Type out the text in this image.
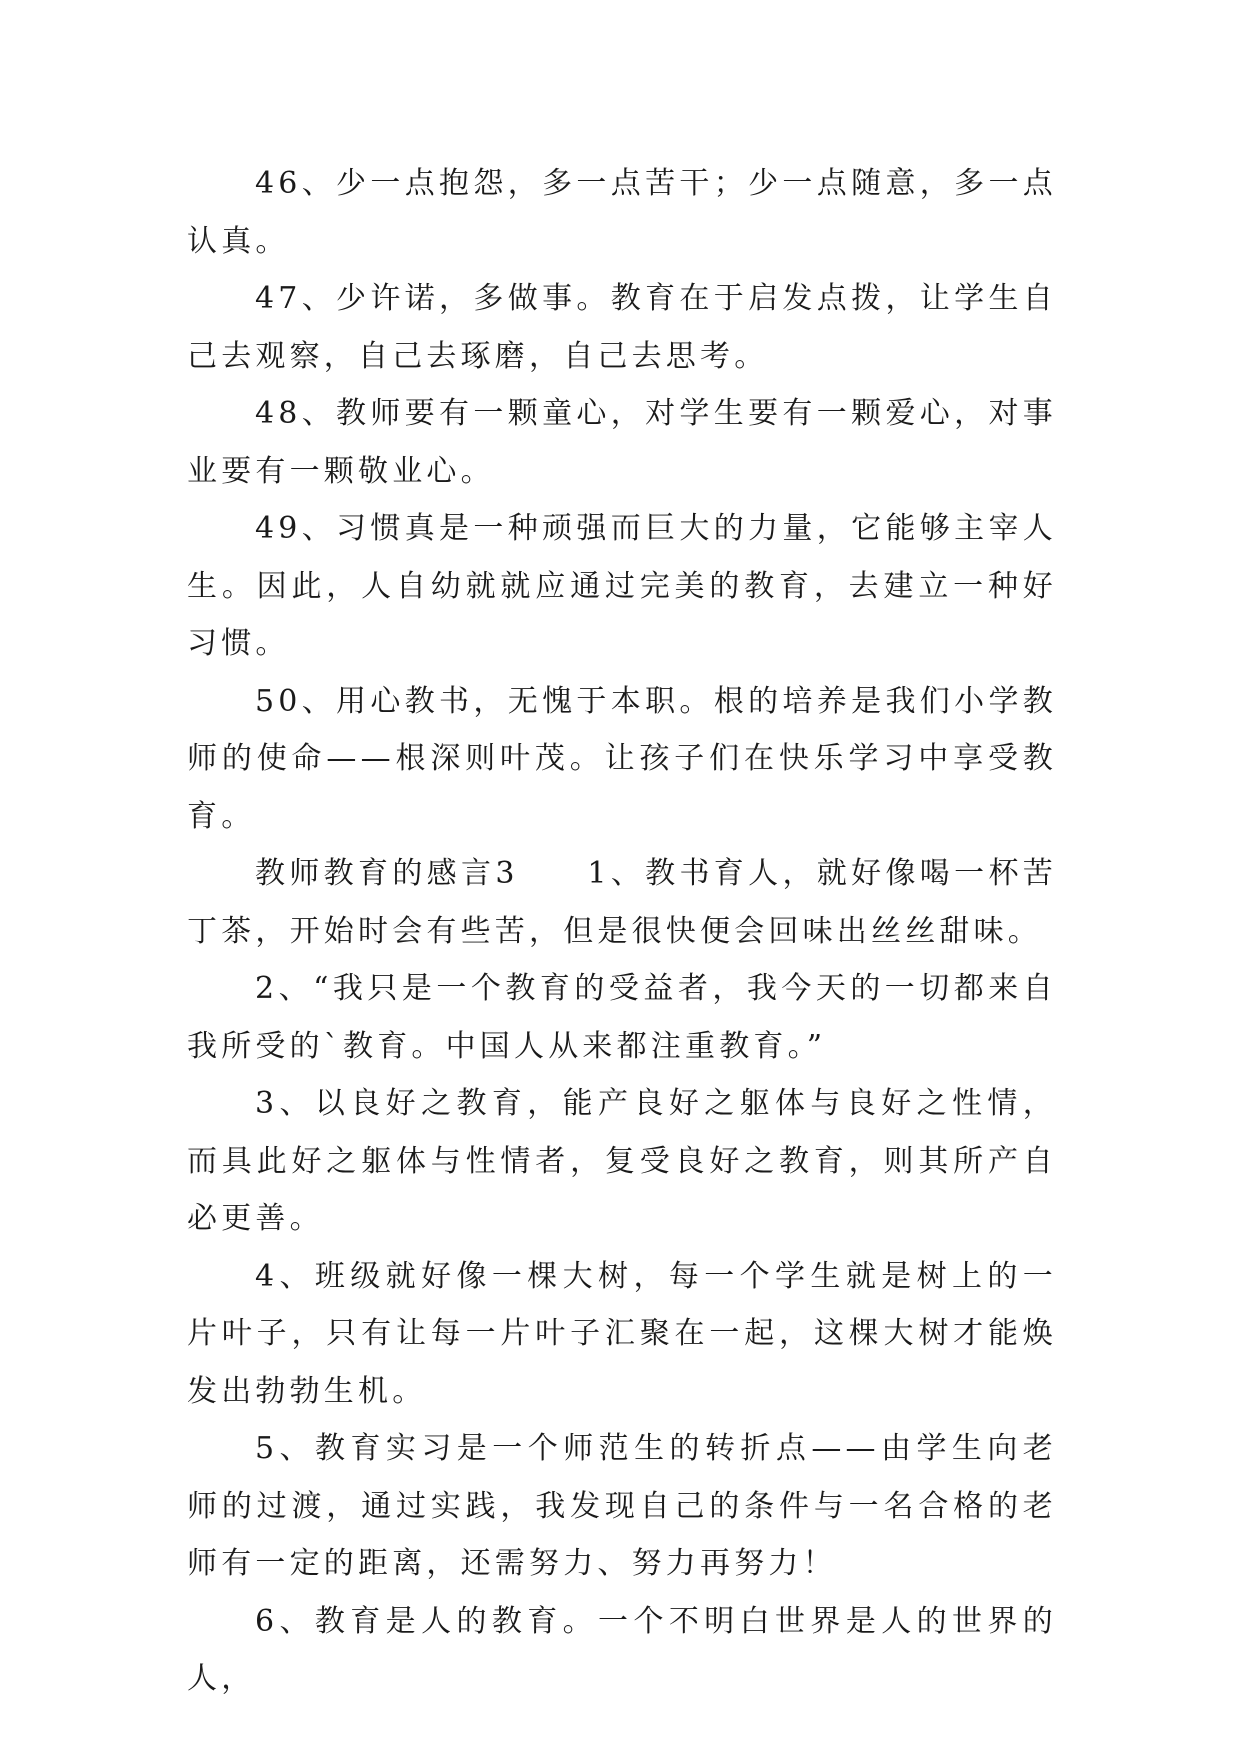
46、少一点抱怨，多一点苦干；少一点随意，多一点认真。

47、少许诺，多做事。教育在于启发点拨，让学生自己去观察，自己去琢磨，自己去思考。

48、教师要有一颗童心，对学生要有一颗爱心，对事业要有一颗敬业心。

49、习惯真是一种顽强而巨大的力量，它能够主宰人生。因此，人自幼就就应通过完美的教育，去建立一种好习惯。

50、用心教书，无愧于本职。根的培养是我们小学教师的使命——根深则叶茂。让孩子们在快乐学习中享受教育。

教师教育的感言3　　1、教书育人，就好像喝一杯苦丁茶，开始时会有些苦，但是很快便会回味出丝丝甜味。

2、“我只是一个教育的受益者，我今天的一切都来自我所受的`教育。中国人从来都注重教育。”

3、以良好之教育，能产良好之躯体与良好之性情，而具此好之躯体与性情者，复受良好之教育，则其所产自必更善。

4、班级就好像一棵大树，每一个学生就是树上的一片叶子，只有让每一片叶子汇聚在一起，这棵大树才能焕发出勃勃生机。

5、教育实习是一个师范生的转折点——由学生向老师的过渡，通过实践，我发现自己的条件与一名合格的老师有一定的距离，还需努力、努力再努力！

6、教育是人的教育。一个不明白世界是人的世界的人，
